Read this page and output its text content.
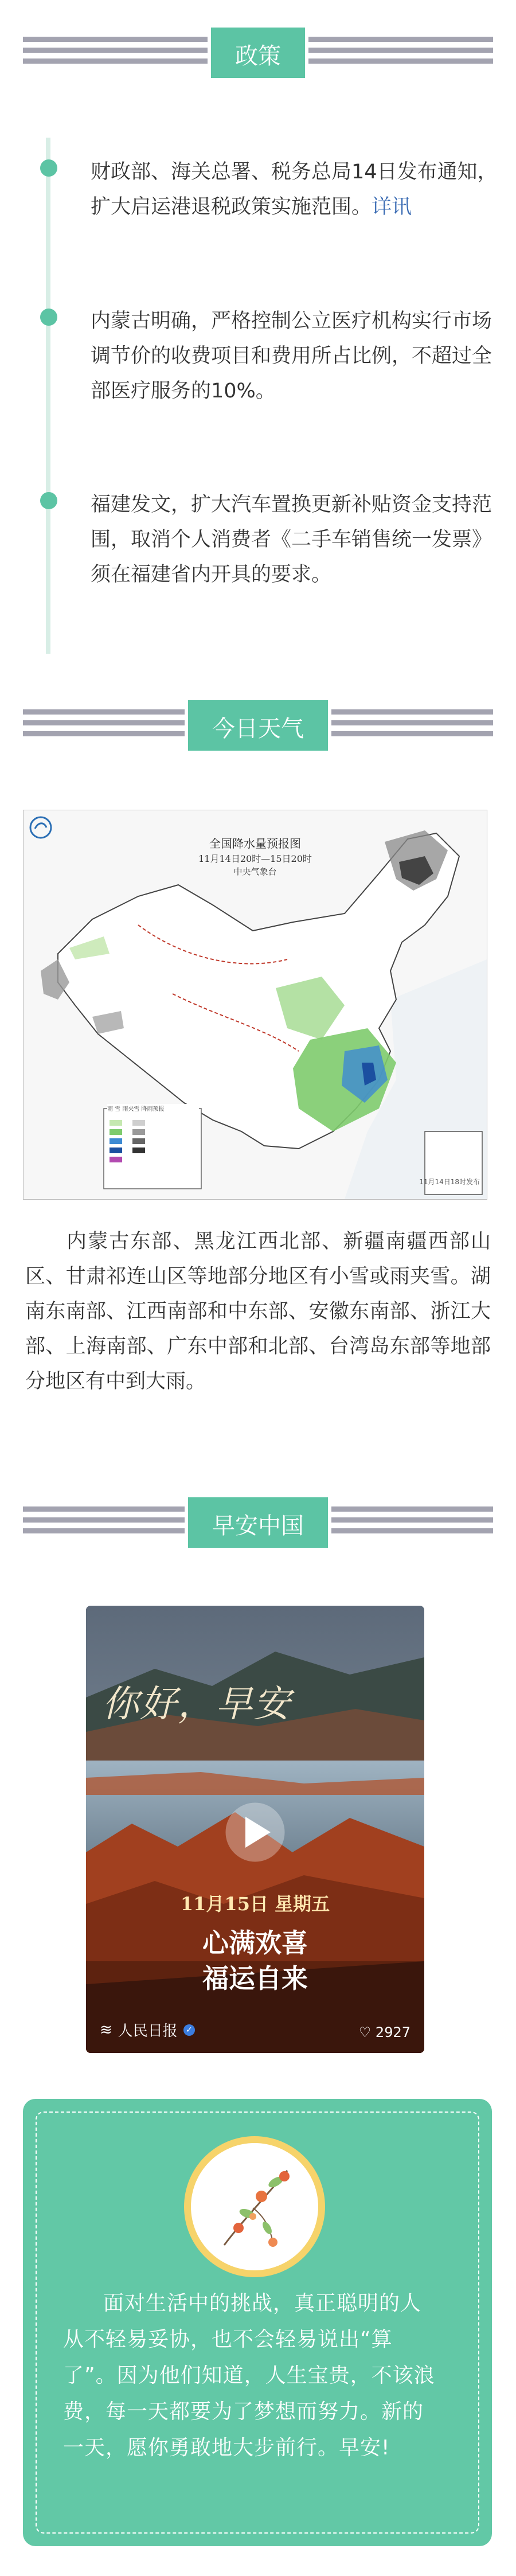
政策
财政部、海关总署、税务总局14日发布通知，扩大启运港退税政策实施范围。详讯
内蒙古明确，严格控制公立医疗机构实行市场调节价的收费项目和费用所占比例，不超过全部医疗服务的10%。
福建发文，扩大汽车置换更新补贴资金支持范围，取消个人消费者《二手车销售统一发票》须在福建省内开具的要求。
今日天气
全国降水量预报图
11月14日20时—15日20时
中央气象台
雨 雪 雨夹雪 降雨预报
11月14日18时发布
内蒙古东部、黑龙江西北部、新疆南疆西部山区、甘肃祁连山区等地部分地区有小雪或雨夹雪。湖南东南部、江西南部和中东部、安徽东南部、浙江大部、上海南部、广东中部和北部、台湾岛东部等地部分地区有中到大雨。
早安中国
你好，早安
11月15日 星期五
心满欢喜
福运自来
≋ 人民日报 ✓	♡ 2927
面对生活中的挑战，真正聪明的人从不轻易妥协，也不会轻易说出“算了”。因为他们知道，人生宝贵，不该浪费，每一天都要为了梦想而努力。新的一天，愿你勇敢地大步前行。早安!
